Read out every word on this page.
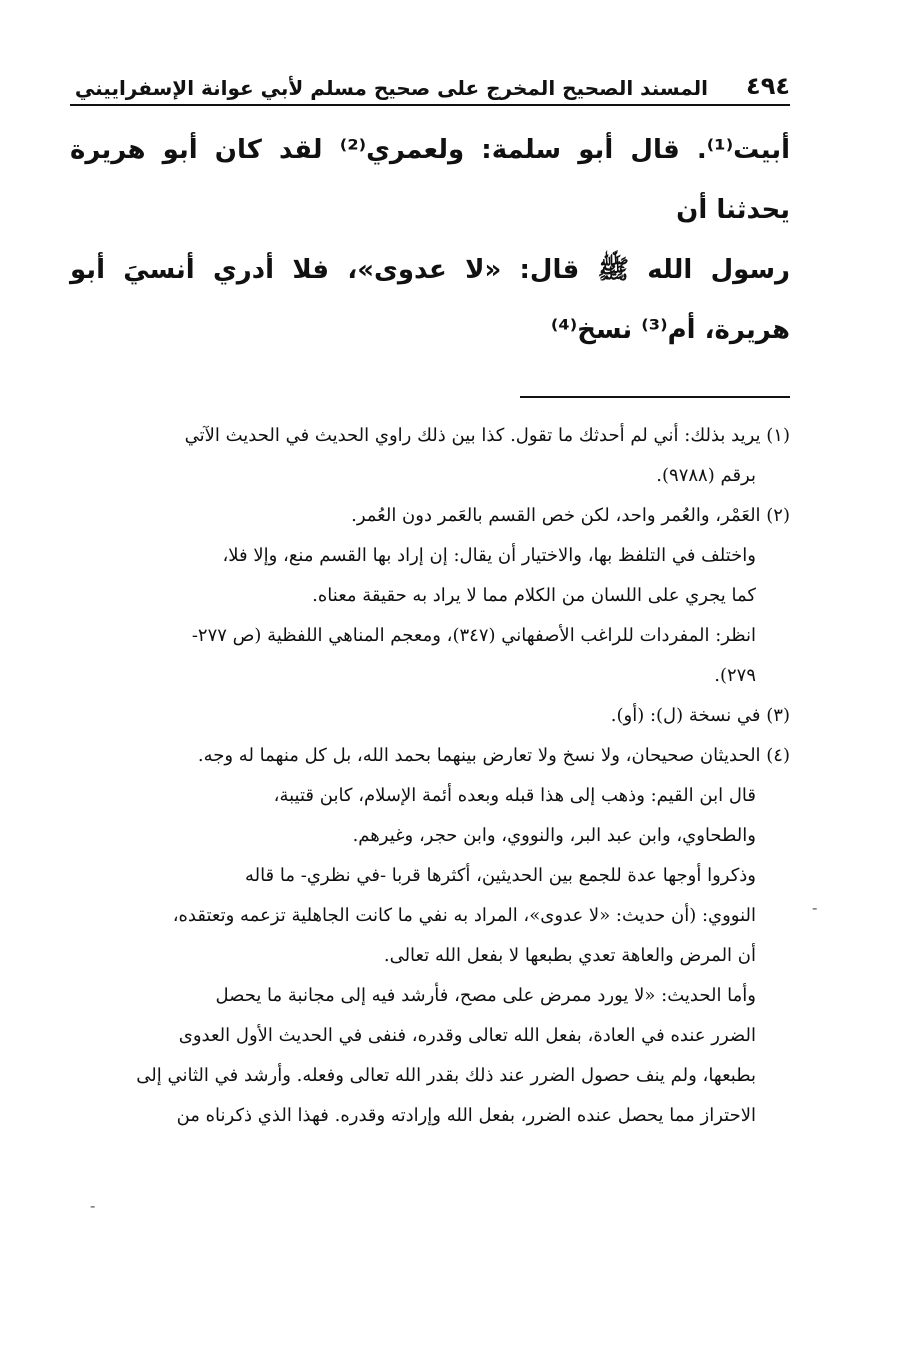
٤٩٤
المسند الصحيح المخرج على صحيح مسلم لأبي عوانة الإسفراييني

أبيت⁽¹⁾. قال أبو سلمة: ولعمري⁽²⁾ لقد كان أبو هريرة يحدثنا أن

رسول الله ﷺ قال: «لا عدوى»، فلا أدري أنسيَ أبو هريرة، أم⁽³⁾ نسخ⁽⁴⁾

(١) يريد بذلك: أني لم أحدثك ما تقول. كذا بين ذلك راوي الحديث في الحديث الآتي

برقم (٩٧٨٨).

(٢) العَمْر، والعُمر واحد، لكن خص القسم بالعَمر دون العُمر.

واختلف في التلفظ بها، والاختيار أن يقال: إن إراد بها القسم منع، وإلا فلا،

كما يجري على اللسان من الكلام مما لا يراد به حقيقة معناه.

انظر: المفردات للراغب الأصفهاني (٣٤٧)، ومعجم المناهي اللفظية (ص ٢٧٧-

٢٧٩).

(٣) في نسخة (ل): (أو).

(٤) الحديثان صحيحان، ولا نسخ ولا تعارض بينهما بحمد الله، بل كل منهما له وجه.

قال ابن القيم: وذهب إلى هذا قبله وبعده أئمة الإسلام، كابن قتيبة،

والطحاوي، وابن عبد البر، والنووي، وابن حجر، وغيرهم.

وذكروا أوجها عدة للجمع بين الحديثين، أكثرها قربا -في نظري- ما قاله

النووي: (أن حديث: «لا عدوى»، المراد به نفي ما كانت الجاهلية تزعمه وتعتقده،

أن المرض والعاهة تعدي بطبعها لا بفعل الله تعالى.

وأما الحديث: «لا يورد ممرض على مصح، فأرشد فيه إلى مجانبة ما يحصل

الضرر عنده في العادة، بفعل الله تعالى وقدره، فنفى في الحديث الأول العدوى

بطبعها، ولم ينف حصول الضرر عند ذلك بقدر الله تعالى وفعله. وأرشد في الثاني إلى

الاحتراز مما يحصل عنده الضرر، بفعل الله وإرادته وقدره. فهذا الذي ذكرناه من

-
-
